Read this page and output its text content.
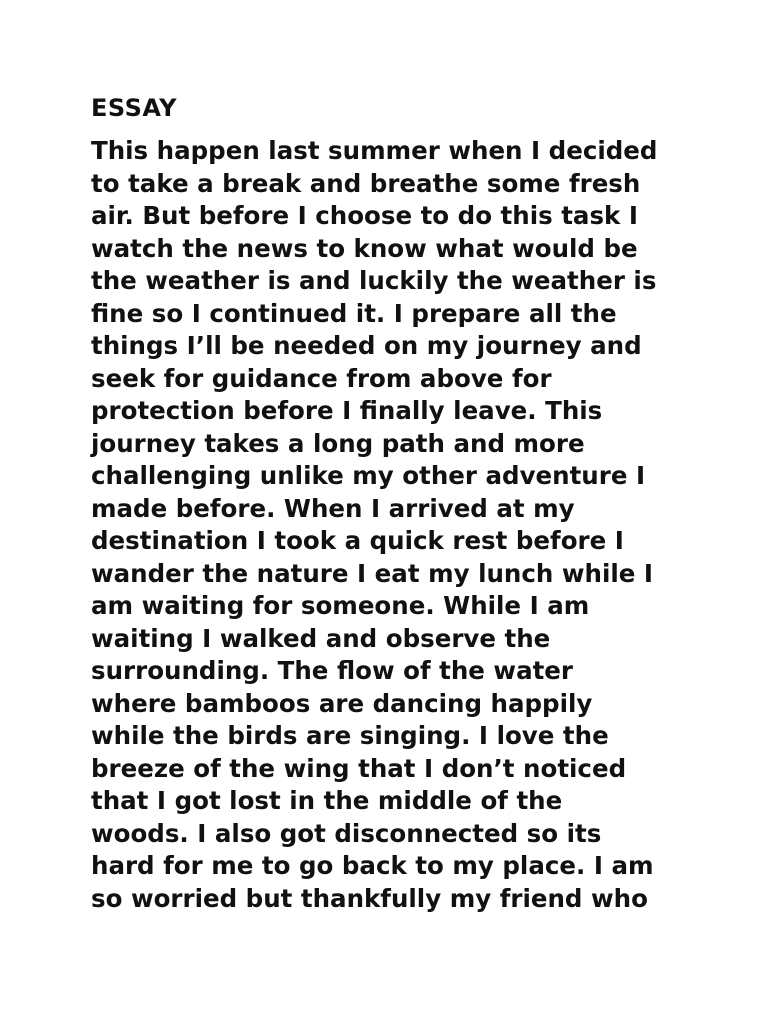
ESSAY
This happen last summer when I decided
to take a break and breathe some fresh
air. But before I choose to do this task I
watch the news to know what would be
the weather is and luckily the weather is
fine so I continued it. I prepare all the
things I’ll be needed on my journey and
seek for guidance from above for
protection before I finally leave. This
journey takes a long path and more
challenging unlike my other adventure I
made before. When I arrived at my
destination I took a quick rest before I
wander the nature I eat my lunch while I
am waiting for someone. While I am
waiting I walked and observe the
surrounding. The flow of the water
where bamboos are dancing happily
while the birds are singing. I love the
breeze of the wing that I don’t noticed
that I got lost in the middle of the
woods. I also got disconnected so its
hard for me to go back to my place. I am
so worried but thankfully my friend who
